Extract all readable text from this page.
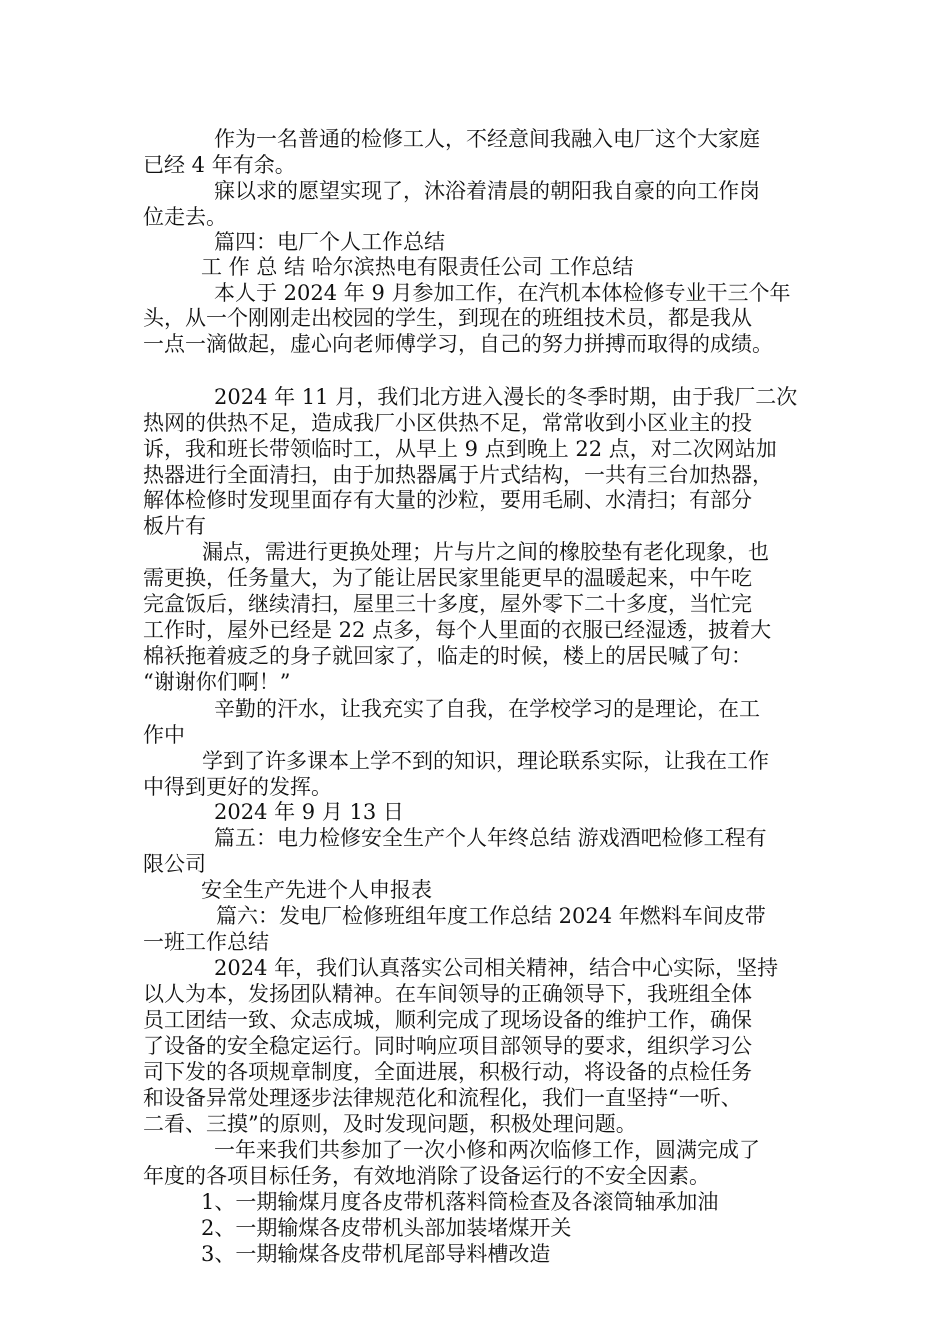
作为一名普通的检修工人，不经意间我融入电厂这个大家庭
已经 4 年有余。
寐以求的愿望实现了，沐浴着清晨的朝阳我自豪的向工作岗
位走去。
篇四：电厂个人工作总结
工 作 总 结 哈尔滨热电有限责任公司 工作总结
本人于 2024 年 9 月参加工作，在汽机本体检修专业干三个年
头，从一个刚刚走出校园的学生，到现在的班组技术员，都是我从
一点一滴做起，虚心向老师傅学习，自己的努力拼搏而取得的成绩。
2024 年 11 月，我们北方进入漫长的冬季时期，由于我厂二次
热网的供热不足，造成我厂小区供热不足，常常收到小区业主的投
诉，我和班长带领临时工，从早上 9 点到晚上 22 点，对二次网站加
热器进行全面清扫，由于加热器属于片式结构，一共有三台加热器，
解体检修时发现里面存有大量的沙粒，要用毛刷、水清扫；有部分
板片有
漏点，需进行更换处理；片与片之间的橡胶垫有老化现象，也
需更换，任务量大，为了能让居民家里能更早的温暖起来，中午吃
完盒饭后，继续清扫，屋里三十多度，屋外零下二十多度，当忙完
工作时，屋外已经是 22 点多，每个人里面的衣服已经湿透，披着大
棉袄拖着疲乏的身子就回家了，临走的时候，楼上的居民喊了句：
“谢谢你们啊！”
辛勤的汗水，让我充实了自我，在学校学习的是理论，在工
作中
学到了许多课本上学不到的知识，理论联系实际，让我在工作
中得到更好的发挥。
2024 年 9 月 13 日
篇五：电力检修安全生产个人年终总结 游戏酒吧检修工程有
限公司
安全生产先进个人申报表
篇六：发电厂检修班组年度工作总结 2024 年燃料车间皮带
一班工作总结
2024 年，我们认真落实公司相关精神，结合中心实际，坚持
以人为本，发扬团队精神。在车间领导的正确领导下，我班组全体
员工团结一致、众志成城，顺利完成了现场设备的维护工作，确保
了设备的安全稳定运行。同时响应项目部领导的要求，组织学习公
司下发的各项规章制度，全面进展，积极行动，将设备的点检任务
和设备异常处理逐步法律规范化和流程化，我们一直坚持“一听、
二看、三摸”的原则，及时发现问题，积极处理问题。
一年来我们共参加了一次小修和两次临修工作，圆满完成了
年度的各项目标任务，有效地消除了设备运行的不安全因素。
1、一期输煤月度各皮带机落料筒检查及各滚筒轴承加油
2、一期输煤各皮带机头部加装堵煤开关
3、一期输煤各皮带机尾部导料槽改造
